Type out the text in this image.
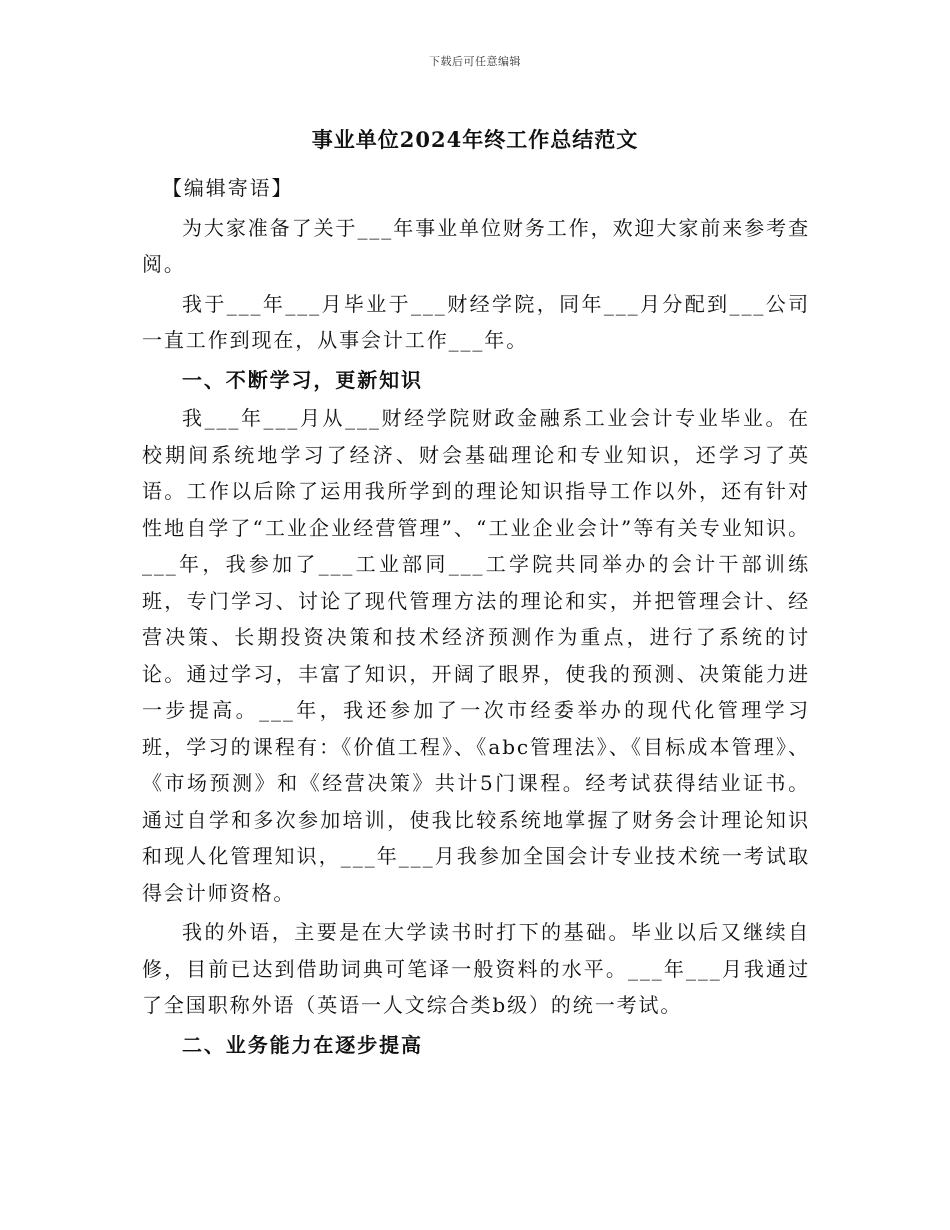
下载后可任意编辑
事业单位2024年终工作总结范文

【编辑寄语】

为大家准备了关于___年事业单位财务工作，欢迎大家前来参考查阅。

我于___年___月毕业于___财经学院，同年___月分配到___公司一直工作到现在，从事会计工作___年。

一、不断学习，更新知识

我___年___月从___财经学院财政金融系工业会计专业毕业。在校期间系统地学习了经济、财会基础理论和专业知识，还学习了英语。工作以后除了运用我所学到的理论知识指导工作以外，还有针对性地自学了“工业企业经营管理”、“工业企业会计”等有关专业知识。___年，我参加了___工业部同___工学院共同举办的会计干部训练班，专门学习、讨论了现代管理方法的理论和实，并把管理会计、经营决策、长期投资决策和技术经济预测作为重点，进行了系统的讨论。通过学习，丰富了知识，开阔了眼界，使我的预测、决策能力进一步提高。___年，我还参加了一次市经委举办的现代化管理学习班，学习的课程有：《价值工程》、《abc管理法》、《目标成本管理》、《市场预测》和《经营决策》共计5门课程。经考试获得结业证书。通过自学和多次参加培训，使我比较系统地掌握了财务会计理论知识和现人化管理知识，___年___月我参加全国会计专业技术统一考试取得会计师资格。

我的外语，主要是在大学读书时打下的基础。毕业以后又继续自修，目前已达到借助词典可笔译一般资料的水平。___年___月我通过了全国职称外语（英语一人文综合类b级）的统一考试。

二、业务能力在逐步提高
